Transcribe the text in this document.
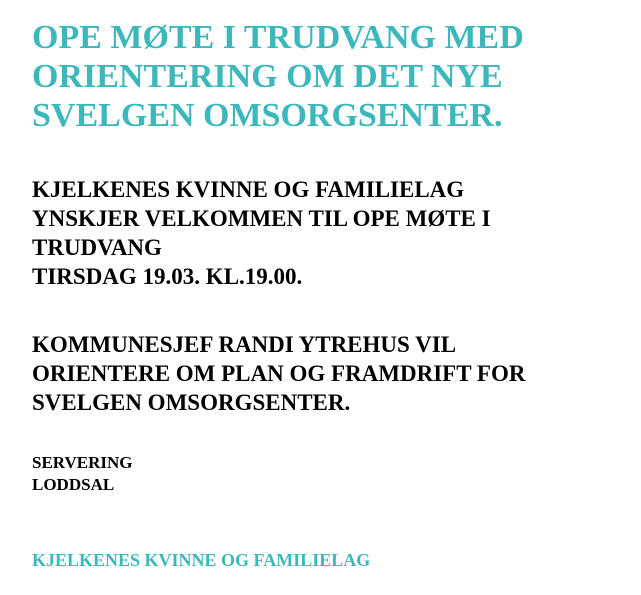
OPE MØTE I TRUDVANG MED
ORIENTERING OM DET NYE
SVELGEN OMSORGSENTER.

KJELKENES KVINNE OG FAMILIELAG
YNSKJER VELKOMMEN TIL OPE MØTE I
TRUDVANG
TIRSDAG 19.03. KL.19.00.

KOMMUNESJEF RANDI YTREHUS VIL
ORIENTERE OM PLAN OG FRAMDRIFT FOR
SVELGEN OMSORGSENTER.

SERVERING
LODDSAL

KJELKENES KVINNE OG FAMILIELAG
